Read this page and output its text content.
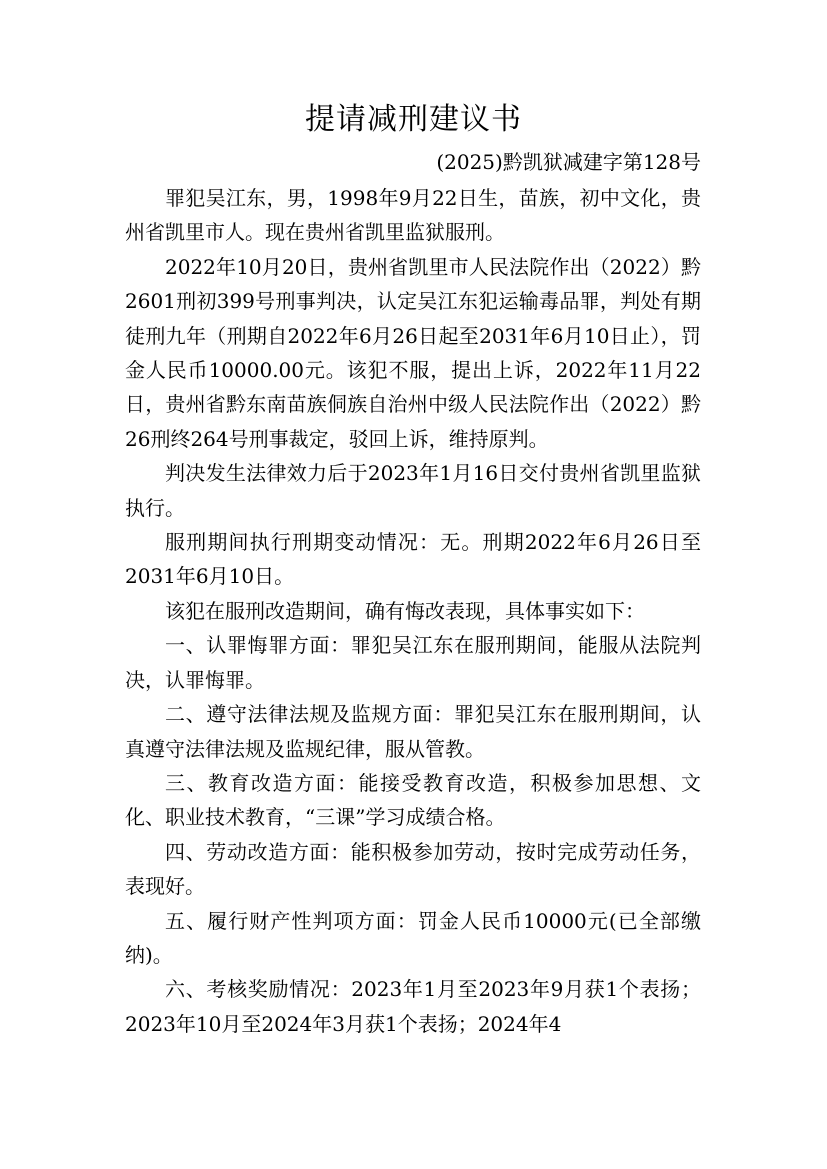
提请减刑建议书
(2025)黔凯狱减建字第128号

罪犯吴江东，男，1998年9月22日生，苗族，初中文化，贵州省凯里市人。现在贵州省凯里监狱服刑。

2022年10月20日，贵州省凯里市人民法院作出（2022）黔2601刑初399号刑事判决，认定吴江东犯运输毒品罪，判处有期徒刑九年（刑期自2022年6月26日起至2031年6月10日止），罚金人民币10000.00元。该犯不服，提出上诉，2022年11月22日，贵州省黔东南苗族侗族自治州中级人民法院作出（2022）黔26刑终264号刑事裁定，驳回上诉，维持原判。

判决发生法律效力后于2023年1月16日交付贵州省凯里监狱执行。

服刑期间执行刑期变动情况：无。刑期2022年6月26日至2031年6月10日。

该犯在服刑改造期间，确有悔改表现，具体事实如下：

一、认罪悔罪方面：罪犯吴江东在服刑期间，能服从法院判决，认罪悔罪。

二、遵守法律法规及监规方面：罪犯吴江东在服刑期间，认真遵守法律法规及监规纪律，服从管教。

三、教育改造方面：能接受教育改造，积极参加思想、文化、职业技术教育，“三课”学习成绩合格。

四、劳动改造方面：能积极参加劳动，按时完成劳动任务，表现好。

五、履行财产性判项方面：罚金人民币10000元(已全部缴纳)。

六、考核奖励情况：2023年1月至2023年9月获1个表扬；2023年10月至2024年3月获1个表扬；2024年4
